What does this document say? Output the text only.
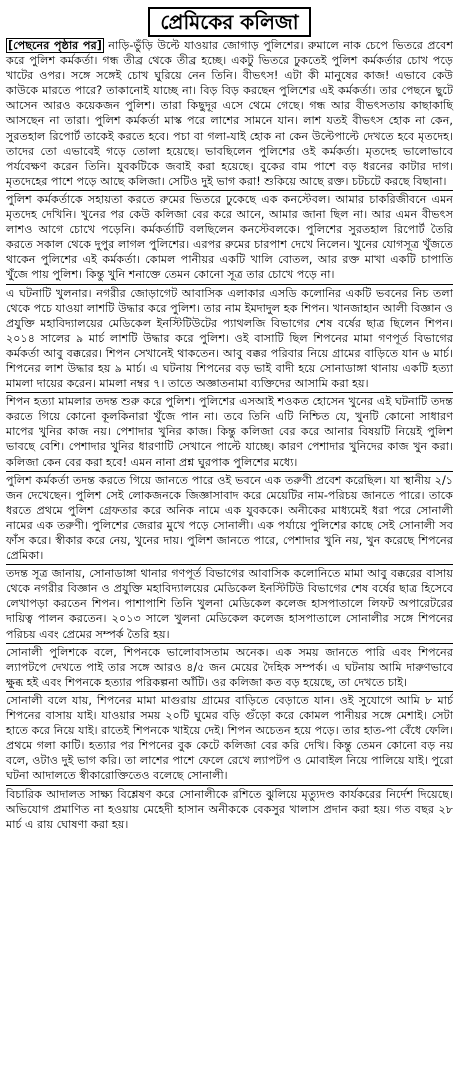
প্রেমিকের কলিজা

[পেছনের পৃষ্ঠার পর] নাড়ি-ভুঁড়ি উল্টে যাওয়ার জোগাড় পুলিশের। রুমালে নাক চেপে ভিতরে প্রবেশ করে পুলিশ কর্মকর্তা। গন্ধ তীব্র থেকে তীব্র হচ্ছে। একটু ভিতরে ঢুকতেই পুলিশ কর্মকর্তার চোখ পড়ে খাটের ওপর। সঙ্গে সঙ্গেই চোখ ঘুরিয়ে নেন তিনি। বীভৎস! এটা কী মানুষের কাজ! এভাবে কেউ কাউকে মারতে পারে? তাকানোই যাচ্ছে না। বিড় বিড় করছেন পুলিশের এই কর্মকর্তা। তার পেছনে ছুটে আসেন আরও কয়েকজন পুলিশ। তারা কিছুদূর এসে থেমে গেছে। গন্ধ আর বীভৎসতায় কাছাকাছি আসছেন না তারা। পুলিশ কর্মকর্তা মাস্ক পরে লাশের সামনে যান। লাশ যতই বীভৎস হোক না কেন, সুরতহাল রিপোর্ট তাকেই করতে হবে। পচা বা গলা-যাই হোক না কেন উল্টেপাল্টে দেখতে হবে মৃতদেহ। তাদের তো এভাবেই গড়ে তোলা হয়েছে। ভাবছিলেন পুলিশের ওই কর্মকর্তা। মৃতদেহ ভালোভাবে পর্যবেক্ষণ করেন তিনি। যুবকটিকে জবাই করা হয়েছে। বুকের বাম পাশে বড় ধরনের কাটার দাগ। মৃতদেহের পাশে পড়ে আছে কলিজা। সেটিও দুই ভাগ করা! শুকিয়ে আছে রক্ত। চটচটে করছে বিছানা।

পুলিশ কর্মকর্তাকে সহায়তা করতে রুমের ভিতরে ঢুকেছে এক কনস্টেবল। আমার চাকরিজীবনে এমন মৃতদেহ দেখিনি। খুনের পর কেউ কলিজা বের করে আনে, আমার জানা ছিল না। আর এমন বীভৎস লাশও আগে চোখে পড়েনি। কর্মকর্তাটি বলছিলেন কনস্টেবলকে। পুলিশের সুরতহাল রিপোর্ট তৈরি করতে সকাল থেকে দুপুর লাগল পুলিশের। এরপর রুমের চারপাশ দেখে নিলেন। খুনের যোগসূত্র খুঁজতে থাকেন পুলিশের এই কর্মকর্তা। কোমল পানীয়র একটি খালি বোতল, আর রক্ত মাখা একটি চাপাতি খুঁজে পায় পুলিশ। কিন্তু খুনি শনাক্তে তেমন কোনো সূত্র তার চোখে পড়ে না।

এ ঘটনাটি খুলনার। নগরীর জোড়াগেট আবাসিক এলাকার এসডি কলোনির একটি ভবনের নিচ তলা থেকে পচে যাওয়া লাশটি উদ্ধার করে পুলিশ। তার নাম ইমদাদুল হক শিপন। খানজাহান আলী বিজ্ঞান ও প্রযুক্তি মহাবিদ্যালয়ের মেডিকেল ইনস্টিটিউটের প্যাথলজি বিভাগের শেষ বর্ষের ছাত্র ছিলেন শিপন। ২০১৪ সালের ৯ মার্চ লাশটি উদ্ধার করে পুলিশ। ওই বাসাটি ছিল শিপনের মামা গণপূর্ত বিভাগের কর্মকর্তা আবু বক্করের। শিপন সেখানেই থাকতেন। আবু বক্কর পরিবার নিয়ে গ্রামের বাড়িতে যান ৬ মার্চ। শিপনের লাশ উদ্ধার হয় ৯ মার্চ। এ ঘটনায় শিপনের বড় ভাই বাদী হয়ে সোনাডাঙ্গা থানায় একটি হত্যা মামলা দায়ের করেন। মামলা নম্বর ৭। তাতে অজ্ঞাতনামা ব্যক্তিদের আসামি করা হয়।

শিপন হত্যা মামলার তদন্ত শুরু করে পুলিশ। পুলিশের এসআই শওকত হোসেন খুনের এই ঘটনাটি তদন্ত করতে গিয়ে কোনো কূলকিনারা খুঁজে পান না। তবে তিনি এটি নিশ্চিত যে, খুনটি কোনো সাধারণ মাপের খুনির কাজ নয়। পেশাদার খুনির কাজ। কিন্তু কলিজা বের করে আনার বিষয়টি নিয়েই পুলিশ ভাবছে বেশি। পেশাদার খুনির ধারণাটি সেখানে পাল্টে যাচ্ছে। কারণ পেশাদার খুনিদের কাজ খুন করা। কলিজা কেন বের করা হবে! এমন নানা প্রশ্ন ঘুরপাক পুলিশের মধ্যে।

পুলিশ কর্মকর্তা তদন্ত করতে গিয়ে জানতে পারে ওই ভবনে এক তরুণী প্রবেশ করেছিল। যা স্থানীয় ২/১ জন দেখেছেন। পুলিশ সেই লোকজনকে জিজ্ঞাসাবাদ করে মেয়েটির নাম-পরিচয় জানতে পারে। তাকে ধরতে প্রথমে পুলিশ গ্রেফতার করে অনিক নামে এক যুবককে। অনীকের মাধ্যমেই ধরা পরে সোনালী নামের এক তরুণী। পুলিশের জেরার মুখে পড়ে সোনালী। এক পর্যায়ে পুলিশের কাছে সেই সোনালী সব ফাঁস করে। স্বীকার করে নেয়, খুনের দায়। পুলিশ জানতে পারে, পেশাদার খুনি নয়, খুন করেছে শিপনের প্রেমিকা।

তদন্ত সূত্র জানায়, সোনাডাঙ্গা থানার গণপূর্ত বিভাগের আবাসিক কলোনিতে মামা আবু বক্করের বাসায় থেকে নগরীর বিজ্ঞান ও প্রযুক্তি মহাবিদ্যালয়ের মেডিকেল ইনস্টিটিউ বিভাগের শেষ বর্ষের ছাত্র হিসেবে লেখাপড়া করতেন শিপন। পাশাপাশি তিনি খুলনা মেডিকেল কলেজ হাসপাতালে লিফট অপারেটরের দায়িত্ব পালন করতেন। ২০১৩ সালে খুলনা মেডিকেল কলেজ হাসপাতালে সোনালীর সঙ্গে শিপনের পরিচয় এবং প্রেমের সম্পর্ক তৈরি হয়।

সোনালী পুলিশকে বলে, শিপনকে ভালোবাসতাম অনেক। এক সময় জানতে পারি এবং শিপনের ল্যাপটপে দেখতে পাই তার সঙ্গে আরও ৪/৫ জন মেয়ের দৈহিক সম্পর্ক। এ ঘটনায় আমি দারুণভাবে ক্ষুব্ধ হই এবং শিপনকে হত্যার পরিকল্পনা আঁটি। ওর কলিজা কত বড় হয়েছে, তা দেখতে চাই।

সোনালী বলে যায়, শিপনের মামা মাগুরায় গ্রামের বাড়িতে বেড়াতে যান। ওই সুযোগে আমি ৮ মার্চ শিপনের বাসায় যাই। যাওয়ার সময় ২০টি ঘুমের বড়ি গুঁড়ো করে কোমল পানীয়র সঙ্গে মেশাই। সেটা হাতে করে নিয়ে যাই। রাতেই শিপনকে খাইয়ে দেই। শিপন অচেতন হয়ে পড়ে। তার হাত-পা বেঁধে ফেলি। প্রথমে গলা কাটি। হত্যার পর শিপনের বুক কেটে কলিজা বের করি দেখি। কিন্তু তেমন কোনো বড় নয় বলে, ওটাও দুই ভাগ করি। তা লাশের পাশে ফেলে রেখে ল্যাপটপ ও মোবাইল নিয়ে পালিয়ে যাই। পুরো ঘটনা আদালতে স্বীকারোক্তিতেও বলেছে সোনালী।

বিচারিক আদালত সাক্ষ্য বিশ্লেষণ করে সোনালীকে রশিতে ঝুলিয়ে মৃত্যুদণ্ড কার্যকরের নির্দেশ দিয়েছে। অভিযোগ প্রমাণিত না হওয়ায় মেহেদী হাসান অনীককে বেকসুর খালাস প্রদান করা হয়। গত বছর ২৮ মার্চ এ রায় ঘোষণা করা হয়।
